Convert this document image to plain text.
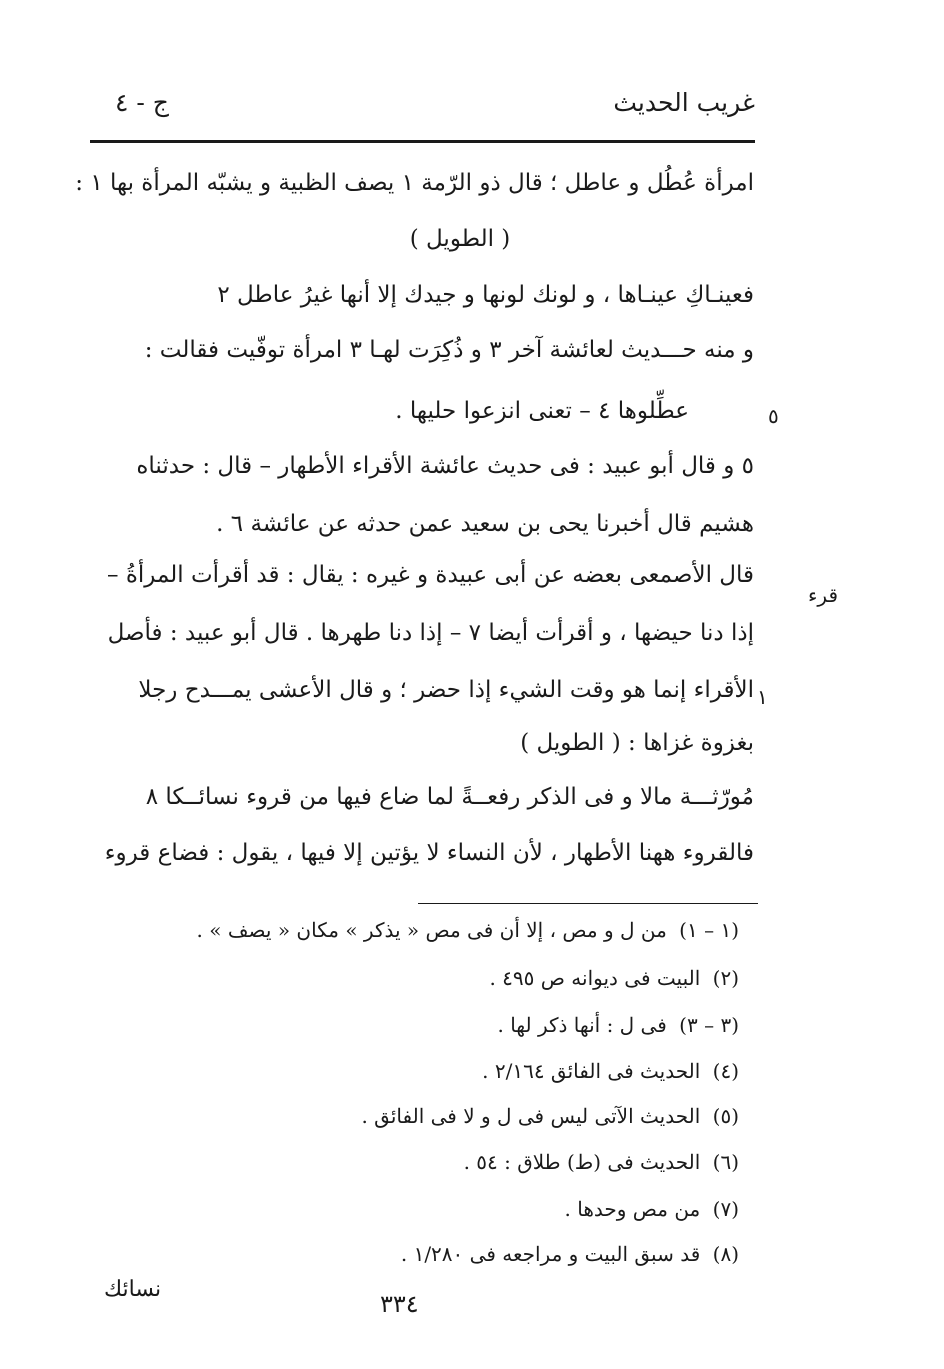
غريب الحديث
ج - ٤
امرأة عُطُل و عاطل ؛ قال ذو الرّمة ١ يصف الظبية و يشبّه المرأة بها ١ :
( الطويل )
فعينـاكِ عينـاها ، و لونك لونها و جيدك إلا أنها غيرُ عاطل ٢
و منه حـــديث لعائشة آخر ٣ و ذُكِرَت لهـا ٣ امرأة توفّيت فقالت :
عطِّلوها ٤ – تعنى انزعوا حليها .	٥
٥ و قال أبو عبيد : فى حديث عائشة الأقراء الأطهار – قال : حدثناه
هشيم قال أخبرنا يحى بن سعيد عمن حدثه عن عائشة ٦ .
قال الأصمعى بعضه عن أبى عبيدة و غيره : يقال : قد أقرأت المرأةُ –
قرء
إذا دنا حيضها ، و أقرأت أيضا ٧ – إذا دنا طهرها . قال أبو عبيد : فأصل
الأقراء إنما هو وقت الشيء إذا حضر ؛ و قال الأعشى يمـــدح رجلا ١
بغزوة غزاها : ( الطويل )
مُورّثـــة مالا و فى الذكر رفعــةً لما ضاع فيها من قروء نسائــكا ٨
فالقروء ههنا الأطهار ، لأن النساء لا يؤتين إلا فيها ، يقول : فضاع قروء
(١ – ١) من ل و مص ، إلا أن فى مص « يذكر » مكان « يصف » .
(٢) البيت فى ديوانه ص ٤٩٥ .
(٣ – ٣) فى ل : أنها ذكر لها .
(٤) الحديث فى الفائق ٢/١٦٤ .
(٥) الحديث الآتى ليس فى ل و لا فى الفائق .
(٦) الحديث فى (ط) طلاق : ٥٤ .
(٧) من مص وحدها .
(٨) قد سبق البيت و مراجعه فى ١/٢٨٠ .
نسائك
٣٣٤
